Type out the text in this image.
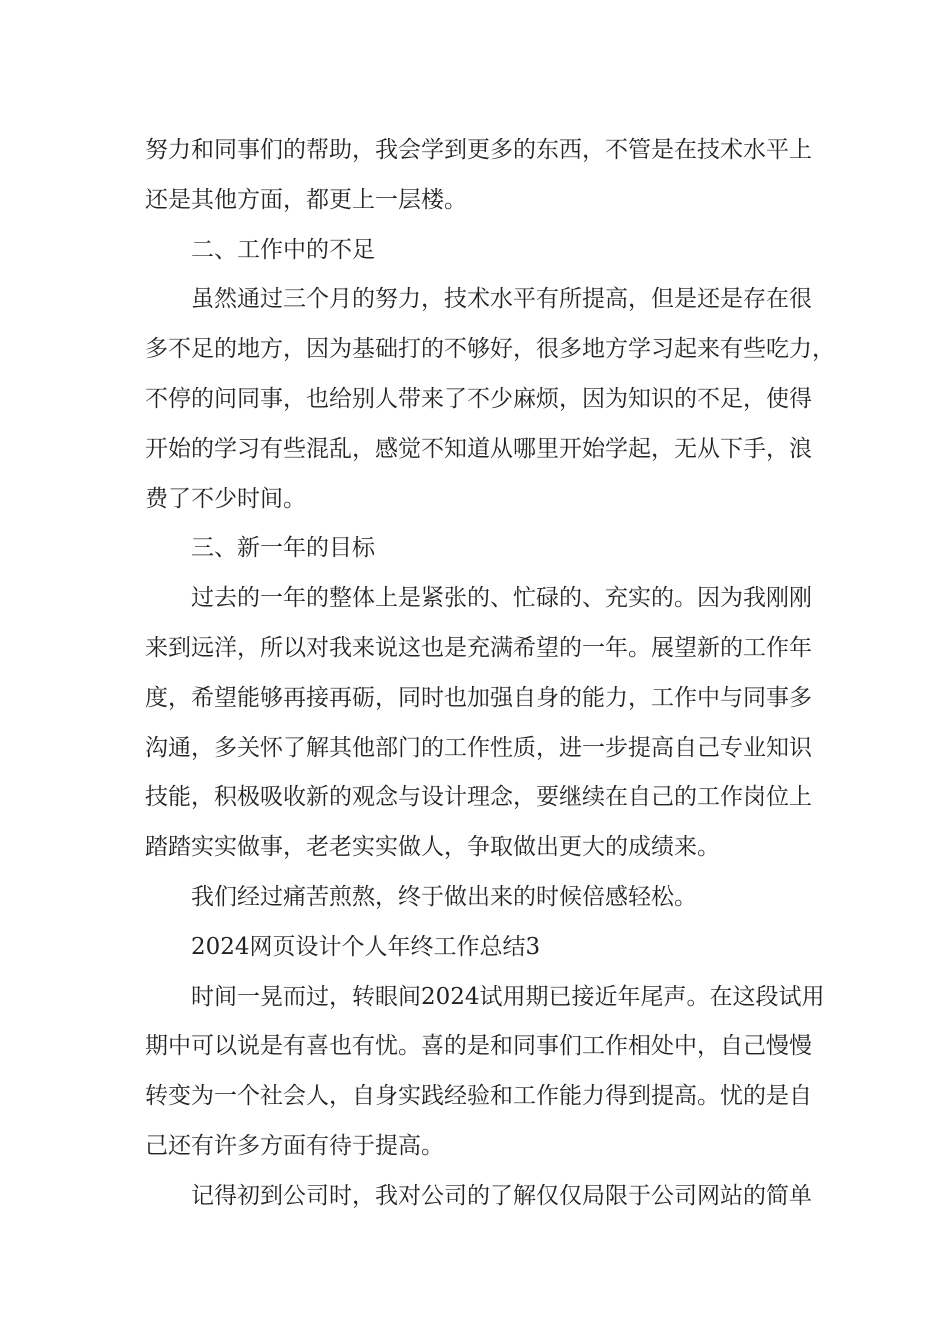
努力和同事们的帮助，我会学到更多的东西，不管是在技术水平上
还是其他方面，都更上一层楼。
二、工作中的不足
虽然通过三个月的努力，技术水平有所提高，但是还是存在很
多不足的地方，因为基础打的不够好，很多地方学习起来有些吃力，
不停的问同事，也给别人带来了不少麻烦，因为知识的不足，使得
开始的学习有些混乱，感觉不知道从哪里开始学起，无从下手，浪
费了不少时间。
三、新一年的目标
过去的一年的整体上是紧张的、忙碌的、充实的。因为我刚刚
来到远洋，所以对我来说这也是充满希望的一年。展望新的工作年
度，希望能够再接再砺，同时也加强自身的能力，工作中与同事多
沟通，多关怀了解其他部门的工作性质，进一步提高自己专业知识
技能，积极吸收新的观念与设计理念，要继续在自己的工作岗位上
踏踏实实做事，老老实实做人，争取做出更大的成绩来。
我们经过痛苦煎熬，终于做出来的时候倍感轻松。
2024网页设计个人年终工作总结3
时间一晃而过，转眼间2024试用期已接近年尾声。在这段试用
期中可以说是有喜也有忧。喜的是和同事们工作相处中，自己慢慢
转变为一个社会人，自身实践经验和工作能力得到提高。忧的是自
己还有许多方面有待于提高。
记得初到公司时，我对公司的了解仅仅局限于公司网站的简单
